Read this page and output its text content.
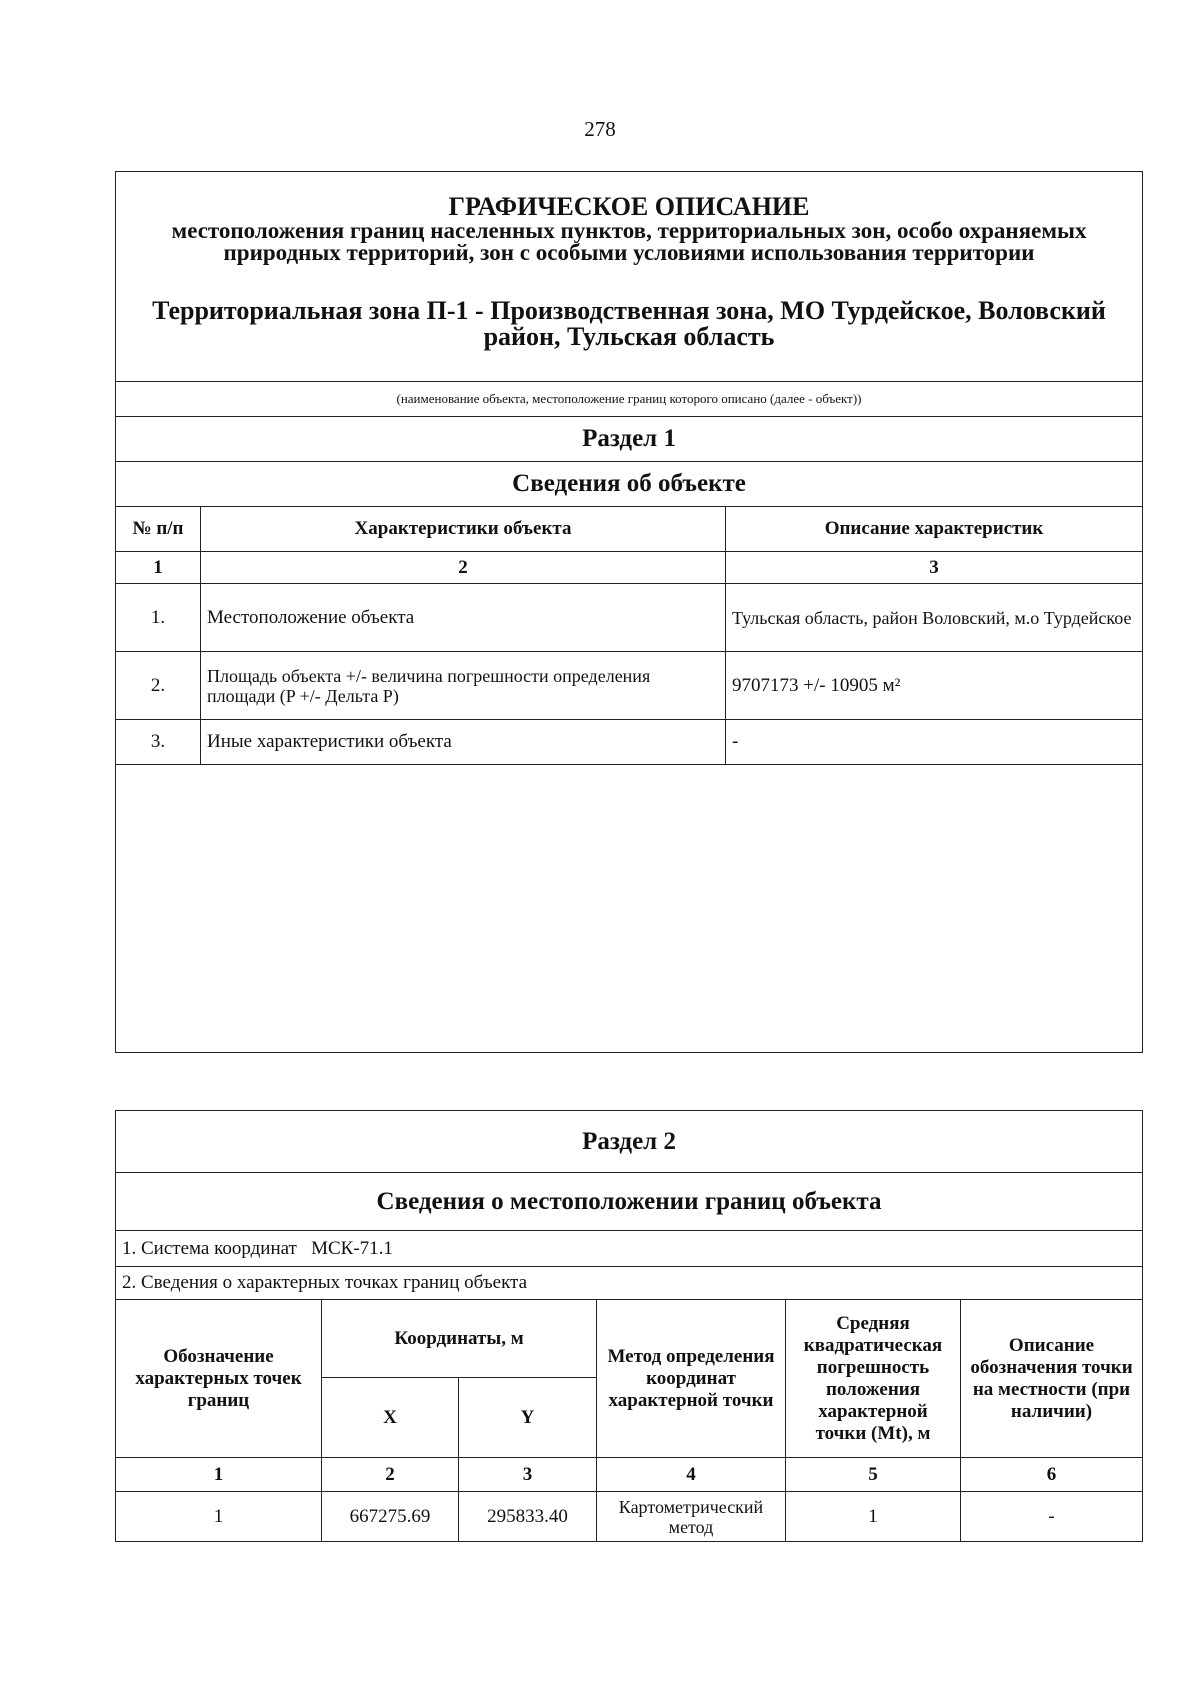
278
ГРАФИЧЕСКОЕ ОПИСАНИЕ
местоположения границ населенных пунктов, территориальных зон, особо охраняемых природных территорий, зон с особыми условиями использования территории
Территориальная зона П-1 - Производственная зона, МО Турдейское, Воловский район, Тульская область		

(наименование объекта, местоположение границ которого описано (далее - объект))		
Раздел 1		
Сведения об объекте		
№ п/п	Характеристики объекта	Описание характеристик
1	2	3
1.	Местоположение объекта	Тульская область, район Воловский, м.о Турдейское
2.	Площадь объекта +/- величина погрешности определения площади (P +/- Дельта P)	9707173 +/- 10905 м²
3.	Иные характеристики объекта	-

Раздел 2					
Сведения о местоположении границ объекта					
1. Система координат МСК-71.1					
2. Сведения о характерных точках границ объекта					
Обозначение характерных точек границ	Координаты, м		Метод определения координат характерной точки	Средняя квадратическая погрешность положения характерной точки (Mt), м	Описание обозначения точки на местности (при наличии)
	X	Y			
1	2	3	4	5	6
1	667275.69	295833.40	Картометрический метод	1	-
